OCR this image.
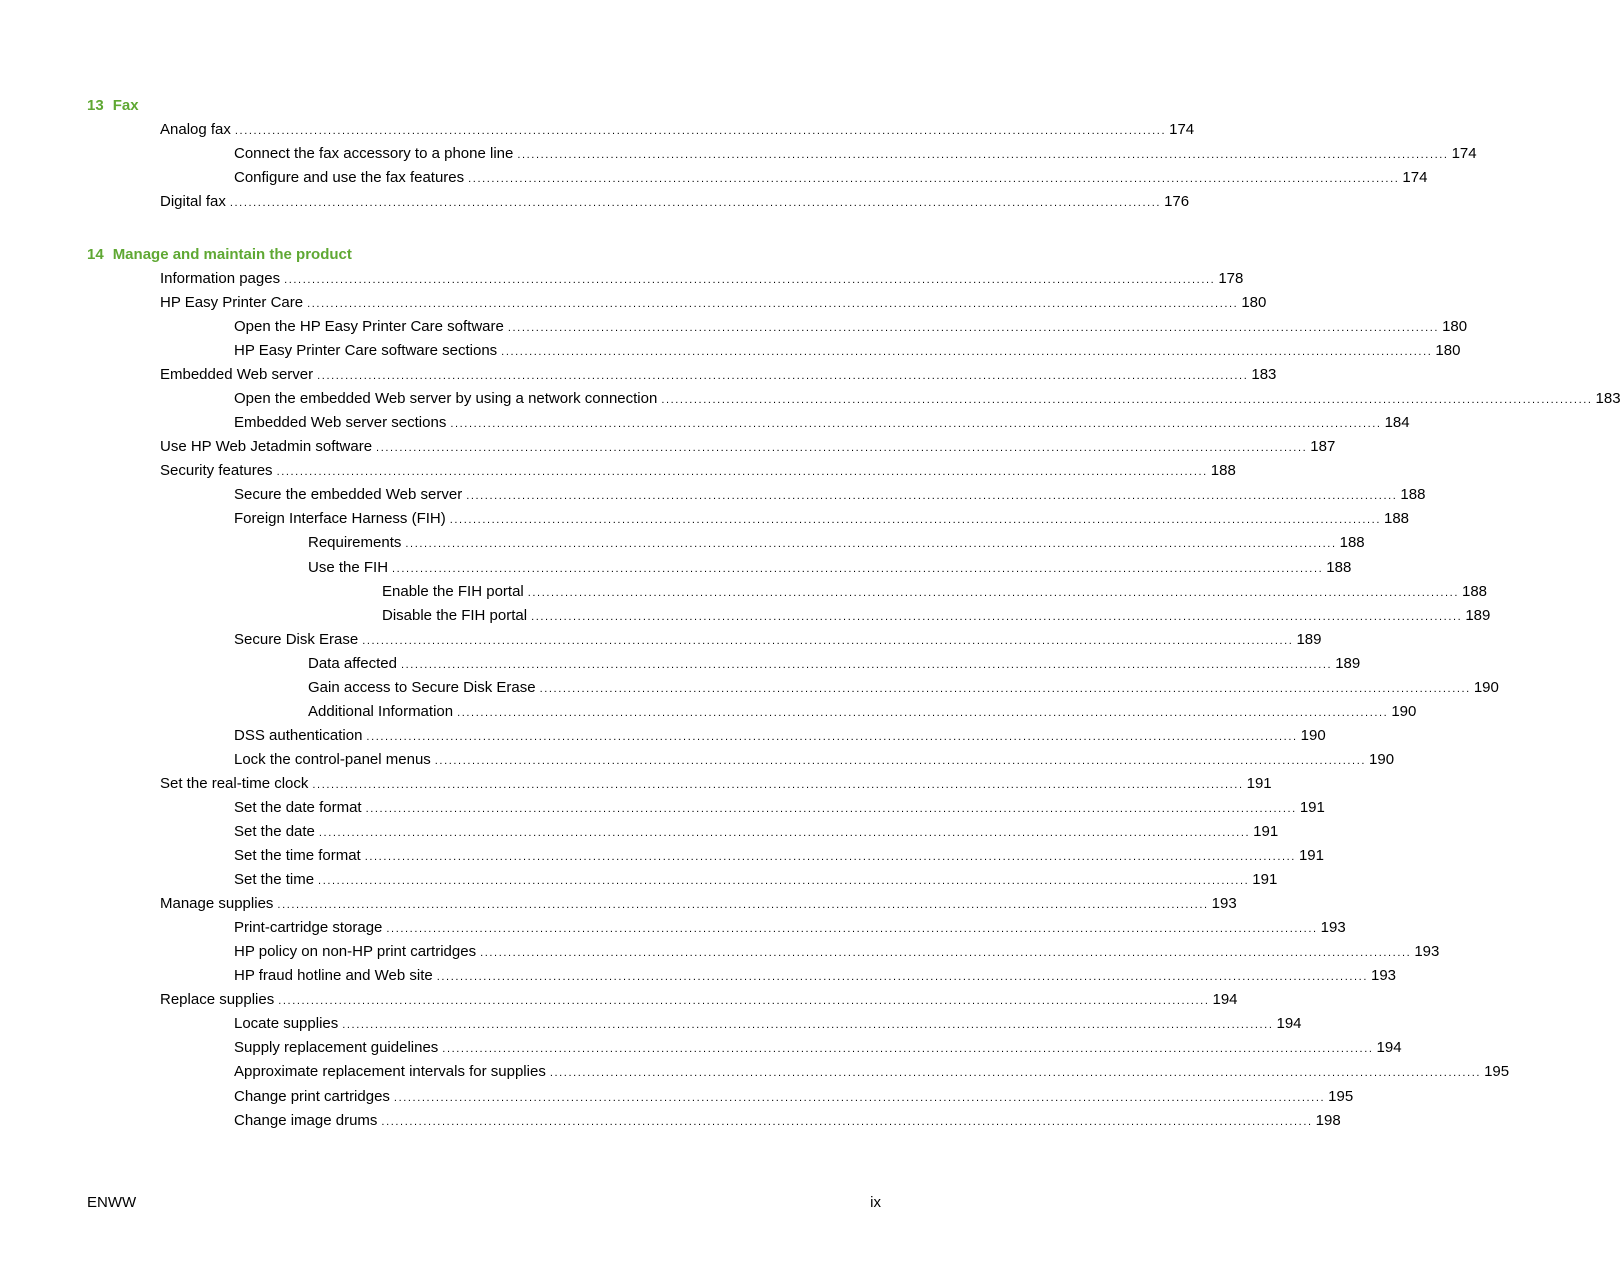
13 Fax
Analog fax ........................................................................................................................................................................................................ 174
Connect the fax accessory to a phone line ........................................................................................................................................................................................................ 174
Configure and use the fax features ........................................................................................................................................................................................................ 174
Digital fax ........................................................................................................................................................................................................ 176
14 Manage and maintain the product
Information pages ........................................................................................................................................................................................................ 178
HP Easy Printer Care ........................................................................................................................................................................................................ 180
Open the HP Easy Printer Care software ........................................................................................................................................................................................................ 180
HP Easy Printer Care software sections ........................................................................................................................................................................................................ 180
Embedded Web server ........................................................................................................................................................................................................ 183
Open the embedded Web server by using a network connection ........................................................................................................................................................................................................ 183
Embedded Web server sections ........................................................................................................................................................................................................ 184
Use HP Web Jetadmin software ........................................................................................................................................................................................................ 187
Security features ........................................................................................................................................................................................................ 188
Secure the embedded Web server ........................................................................................................................................................................................................ 188
Foreign Interface Harness (FIH) ........................................................................................................................................................................................................ 188
Requirements ........................................................................................................................................................................................................ 188
Use the FIH ........................................................................................................................................................................................................ 188
Enable the FIH portal ........................................................................................................................................................................................................ 188
Disable the FIH portal ........................................................................................................................................................................................................ 189
Secure Disk Erase ........................................................................................................................................................................................................ 189
Data affected ........................................................................................................................................................................................................ 189
Gain access to Secure Disk Erase ........................................................................................................................................................................................................ 190
Additional Information ........................................................................................................................................................................................................ 190
DSS authentication ........................................................................................................................................................................................................ 190
Lock the control-panel menus ........................................................................................................................................................................................................ 190
Set the real-time clock ........................................................................................................................................................................................................ 191
Set the date format ........................................................................................................................................................................................................ 191
Set the date ........................................................................................................................................................................................................ 191
Set the time format ........................................................................................................................................................................................................ 191
Set the time ........................................................................................................................................................................................................ 191
Manage supplies ........................................................................................................................................................................................................ 193
Print-cartridge storage ........................................................................................................................................................................................................ 193
HP policy on non-HP print cartridges ........................................................................................................................................................................................................ 193
HP fraud hotline and Web site ........................................................................................................................................................................................................ 193
Replace supplies ........................................................................................................................................................................................................ 194
Locate supplies ........................................................................................................................................................................................................ 194
Supply replacement guidelines ........................................................................................................................................................................................................ 194
Approximate replacement intervals for supplies ........................................................................................................................................................................................................ 195
Change print cartridges ........................................................................................................................................................................................................ 195
Change image drums ........................................................................................................................................................................................................ 198
ENWW	ix
